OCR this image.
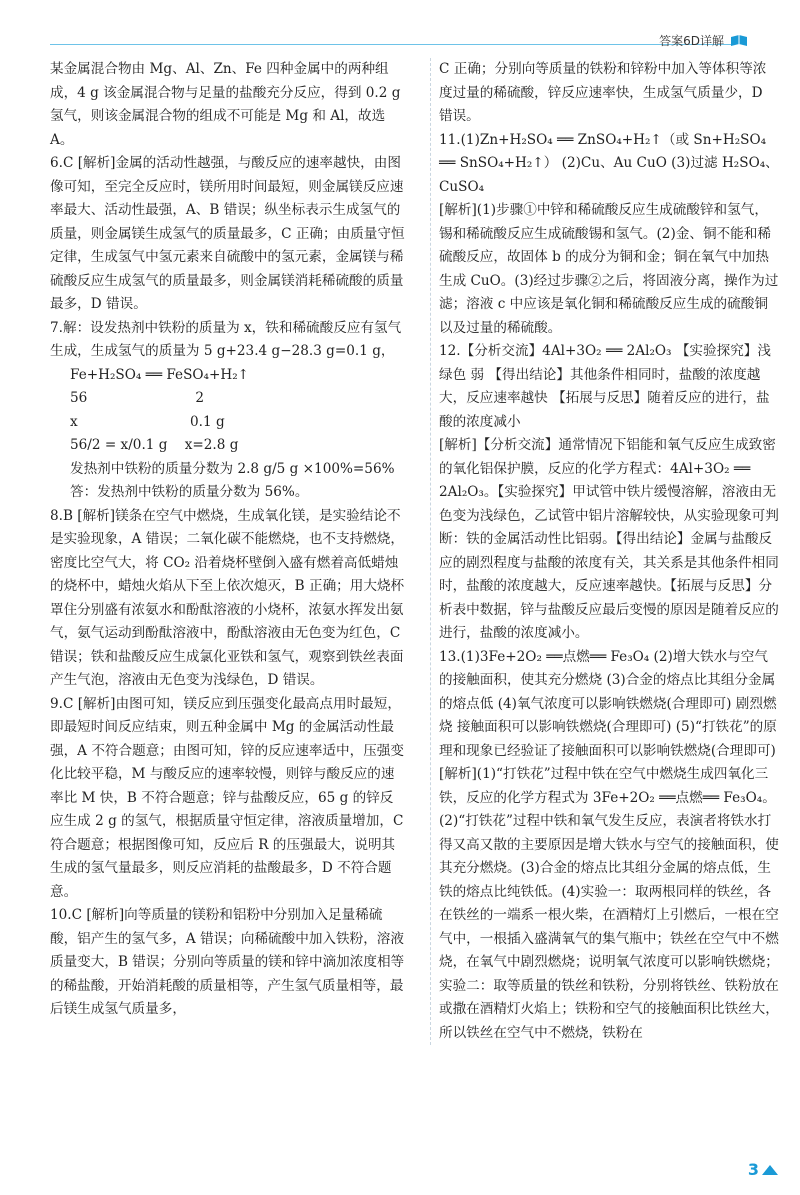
答案6D详解

某金属混合物由 Mg、Al、Zn、Fe 四种金属中的两种组成，4 g 该金属混合物与足量的盐酸充分反应，得到 0.2 g 氢气，则该金属混合物的组成不可能是 Mg 和 Al，故选 A。

6.C [解析]金属的活动性越强，与酸反应的速率越快，由图像可知，至完全反应时，镁所用时间最短，则金属镁反应速率最大、活动性最强，A、B 错误；纵坐标表示生成氢气的质量，则金属镁生成氢气的质量最多，C 正确；由质量守恒定律，生成氢气中氢元素来自硫酸中的氢元素，金属镁与稀硫酸反应生成氢气的质量最多，则金属镁消耗稀硫酸的质量最多，D 错误。

7.解：设发热剂中铁粉的质量为 x，铁和稀硫酸反应有氢气生成，生成氢气的质量为 5 g+23.4 g−28.3 g=0.1 g，

Fe+H₂SO₄ ══ FeSO₄+H₂↑

56                         2

x                          0.1 g

56/2 = x/0.1 g    x=2.8 g

发热剂中铁粉的质量分数为 2.8 g/5 g ×100%=56%

答：发热剂中铁粉的质量分数为 56%。

8.B [解析]镁条在空气中燃烧，生成氧化镁，是实验结论不是实验现象，A 错误；二氧化碳不能燃烧，也不支持燃烧，密度比空气大，将 CO₂ 沿着烧杯壁倒入盛有燃着高低蜡烛的烧杯中，蜡烛火焰从下至上依次熄灭，B 正确；用大烧杯罩住分别盛有浓氨水和酚酞溶液的小烧杯，浓氨水挥发出氨气，氨气运动到酚酞溶液中，酚酞溶液由无色变为红色，C 错误；铁和盐酸反应生成氯化亚铁和氢气，观察到铁丝表面产生气泡，溶液由无色变为浅绿色，D 错误。

9.C [解析]由图可知，镁反应到压强变化最高点用时最短，即最短时间反应结束，则五种金属中 Mg 的金属活动性最强，A 不符合题意；由图可知，锌的反应速率适中，压强变化比较平稳，M 与酸反应的速率较慢，则锌与酸反应的速率比 M 快，B 不符合题意；锌与盐酸反应，65 g 的锌反应生成 2 g 的氢气，根据质量守恒定律，溶液质量增加，C 符合题意；根据图像可知，反应后 R 的压强最大，说明其生成的氢气量最多，则反应消耗的盐酸最多，D 不符合题意。

10.C [解析]向等质量的镁粉和铝粉中分别加入足量稀硫酸，铝产生的氢气多，A 错误；向稀硫酸中加入铁粉，溶液质量变大，B 错误；分别向等质量的镁和锌中滴加浓度相等的稀盐酸，开始消耗酸的质量相等，产生氢气质量相等，最后镁生成氢气质量多，

C 正确；分别向等质量的铁粉和锌粉中加入等体积等浓度过量的稀硫酸，锌反应速率快，生成氢气质量少，D 错误。

11.(1)Zn+H₂SO₄ ══ ZnSO₄+H₂↑（或 Sn+H₂SO₄ ══ SnSO₄+H₂↑） (2)Cu、Au CuO (3)过滤 H₂SO₄、CuSO₄

[解析](1)步骤①中锌和稀硫酸反应生成硫酸锌和氢气，锡和稀硫酸反应生成硫酸锡和氢气。(2)金、铜不能和稀硫酸反应，故固体 b 的成分为铜和金；铜在氧气中加热生成 CuO。(3)经过步骤②之后，将固液分离，操作为过滤；溶液 c 中应该是氧化铜和稀硫酸反应生成的硫酸铜以及过量的稀硫酸。

12.【分析交流】4Al+3O₂ ══ 2Al₂O₃ 【实验探究】浅绿色 弱 【得出结论】其他条件相同时，盐酸的浓度越大，反应速率越快 【拓展与反思】随着反应的进行，盐酸的浓度减小

[解析]【分析交流】通常情况下铝能和氧气反应生成致密的氧化铝保护膜，反应的化学方程式：4Al+3O₂ ══ 2Al₂O₃。【实验探究】甲试管中铁片缓慢溶解，溶液由无色变为浅绿色，乙试管中铝片溶解较快，从实验现象可判断：铁的金属活动性比铝弱。【得出结论】金属与盐酸反应的剧烈程度与盐酸的浓度有关，其关系是其他条件相同时，盐酸的浓度越大，反应速率越快。【拓展与反思】分析表中数据，锌与盐酸反应最后变慢的原因是随着反应的进行，盐酸的浓度减小。

13.(1)3Fe+2O₂ ══点燃══ Fe₃O₄ (2)增大铁水与空气的接触面积，使其充分燃烧 (3)合金的熔点比其组分金属的熔点低 (4)氧气浓度可以影响铁燃烧(合理即可) 剧烈燃烧 接触面积可以影响铁燃烧(合理即可) (5)“打铁花”的原理和现象已经验证了接触面积可以影响铁燃烧(合理即可)

[解析](1)“打铁花”过程中铁在空气中燃烧生成四氧化三铁，反应的化学方程式为 3Fe+2O₂ ══点燃══ Fe₃O₄。(2)“打铁花”过程中铁和氧气发生反应，表演者将铁水打得又高又散的主要原因是增大铁水与空气的接触面积，使其充分燃烧。(3)合金的熔点比其组分金属的熔点低，生铁的熔点比纯铁低。(4)实验一：取两根同样的铁丝，各在铁丝的一端系一根火柴，在酒精灯上引燃后，一根在空气中，一根插入盛满氧气的集气瓶中；铁丝在空气中不燃烧，在氧气中剧烈燃烧；说明氧气浓度可以影响铁燃烧；实验二：取等质量的铁丝和铁粉，分别将铁丝、铁粉放在或撒在酒精灯火焰上；铁粉和空气的接触面积比铁丝大，所以铁丝在空气中不燃烧，铁粉在

3
